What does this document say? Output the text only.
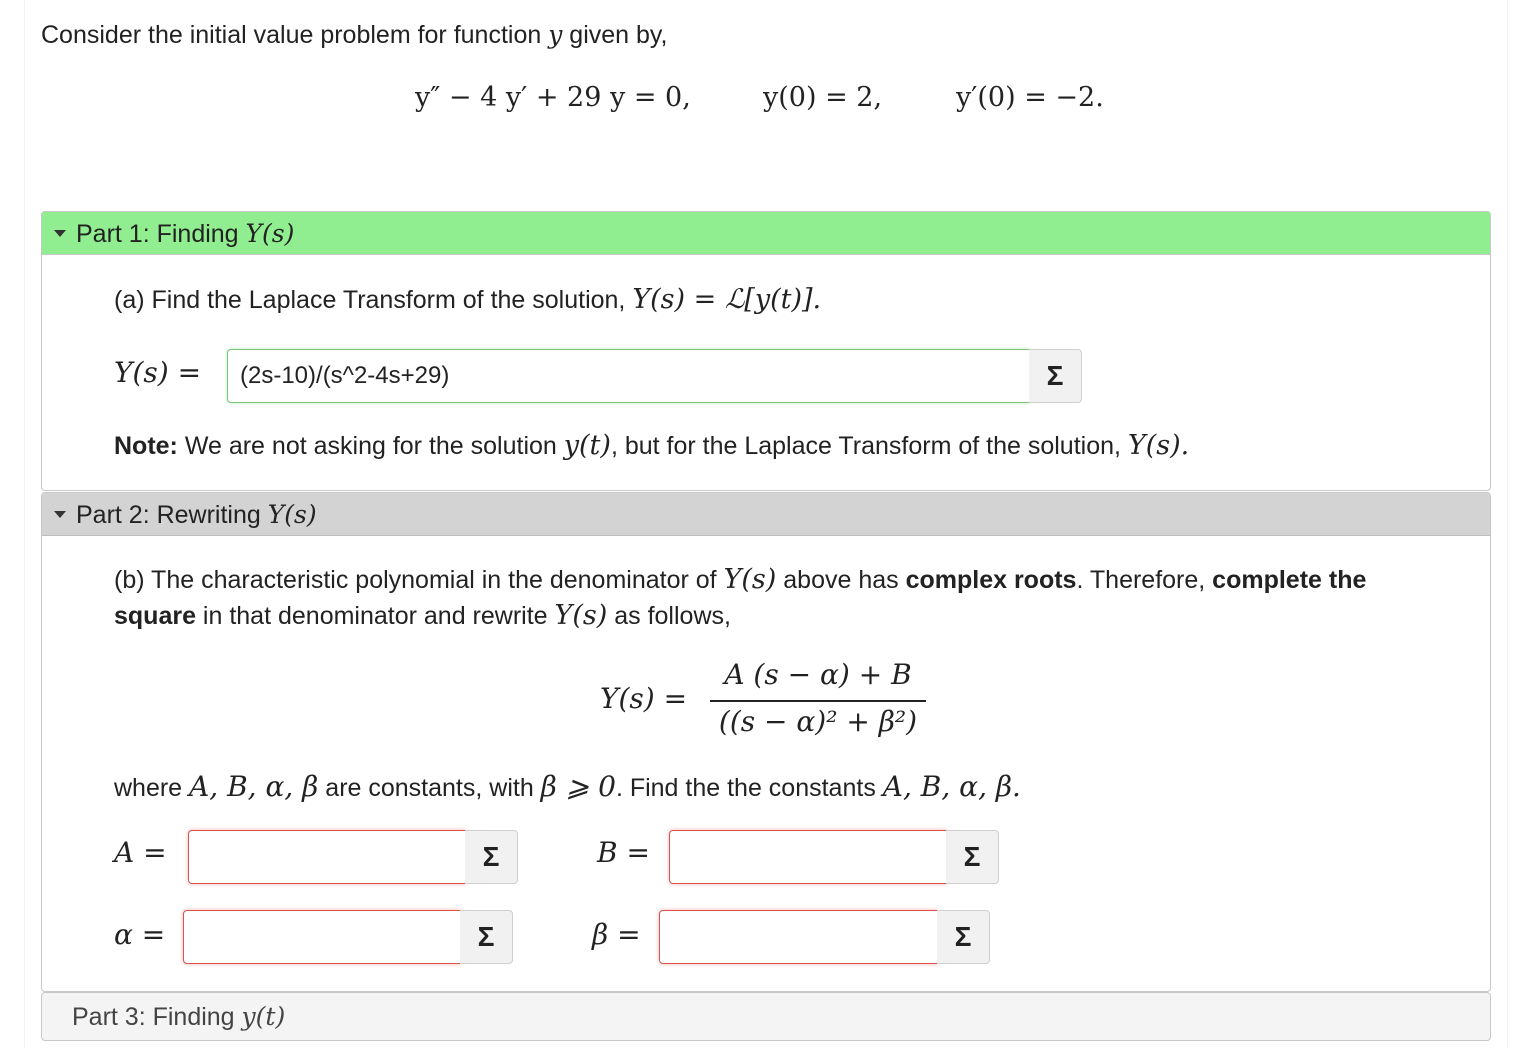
Consider the initial value problem for function y given by,
y″ − 4 y′ + 29 y = 0,	y(0) = 2,	y′(0) = −2.
Part 1: Finding Y(s)
(a) Find the Laplace Transform of the solution, Y(s) = ℒ[y(t)].
Y(s) =	(2s-10)/(s^2-4s+29)	Σ
Note: We are not asking for the solution y(t), but for the Laplace Transform of the solution, Y(s).
Part 2: Rewriting Y(s)
(b) The characteristic polynomial in the denominator of Y(s) above has complex roots. Therefore, complete the
square in that denominator and rewrite Y(s) as follows,
Y(s) =
A (s − α) + B
((s − α)² + β²)
where A, B, α, β are constants, with β ⩾ 0. Find the the constants A, B, α, β.
A =	Σ	B =	Σ
α =	Σ	β =	Σ
Part 3: Finding y(t)
